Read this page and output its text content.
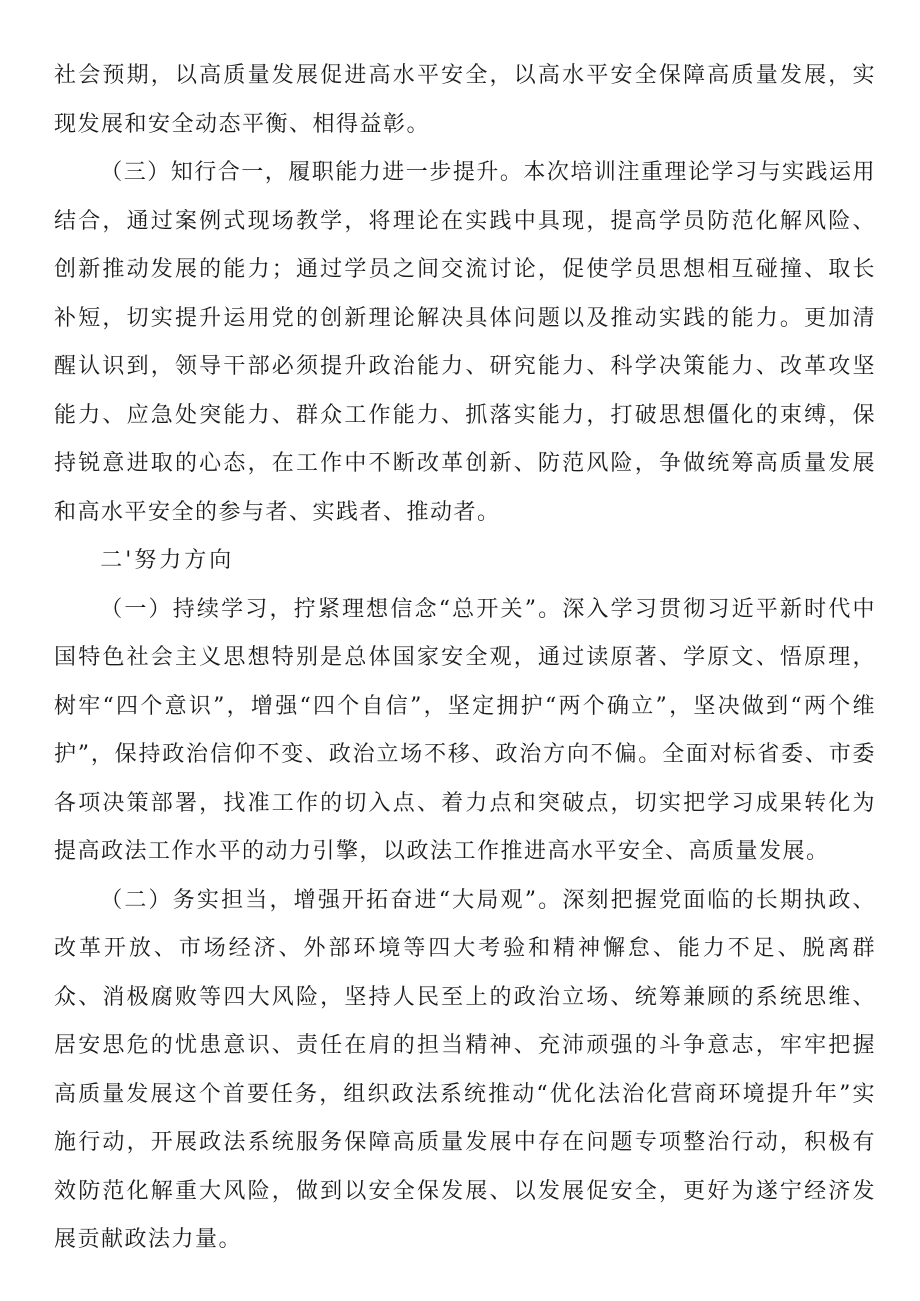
社会预期，以高质量发展促进高水平安全，以高水平安全保障高质量发展，实现发展和安全动态平衡、相得益彰。

（三）知行合一，履职能力进一步提升。本次培训注重理论学习与实践运用结合，通过案例式现场教学，将理论在实践中具现，提高学员防范化解风险、创新推动发展的能力；通过学员之间交流讨论，促使学员思想相互碰撞、取长补短，切实提升运用党的创新理论解决具体问题以及推动实践的能力。更加清醒认识到，领导干部必须提升政治能力、研究能力、科学决策能力、改革攻坚能力、应急处突能力、群众工作能力、抓落实能力，打破思想僵化的束缚，保持锐意进取的心态，在工作中不断改革创新、防范风险，争做统筹高质量发展和高水平安全的参与者、实践者、推动者。

二'努力方向

（一）持续学习，拧紧理想信念“总开关”。深入学习贯彻习近平新时代中国特色社会主义思想特别是总体国家安全观，通过读原著、学原文、悟原理，树牢“四个意识”，增强“四个自信”，坚定拥护“两个确立”，坚决做到“两个维护”，保持政治信仰不变、政治立场不移、政治方向不偏。全面对标省委、市委各项决策部署，找准工作的切入点、着力点和突破点，切实把学习成果转化为提高政法工作水平的动力引擎，以政法工作推进高水平安全、高质量发展。

（二）务实担当，增强开拓奋进“大局观”。深刻把握党面临的长期执政、改革开放、市场经济、外部环境等四大考验和精神懈怠、能力不足、脱离群众、消极腐败等四大风险，坚持人民至上的政治立场、统筹兼顾的系统思维、居安思危的忧患意识、责任在肩的担当精神、充沛顽强的斗争意志，牢牢把握高质量发展这个首要任务，组织政法系统推动“优化法治化营商环境提升年”实施行动，开展政法系统服务保障高质量发展中存在问题专项整治行动，积极有效防范化解重大风险，做到以安全保发展、以发展促安全，更好为遂宁经济发展贡献政法力量。
